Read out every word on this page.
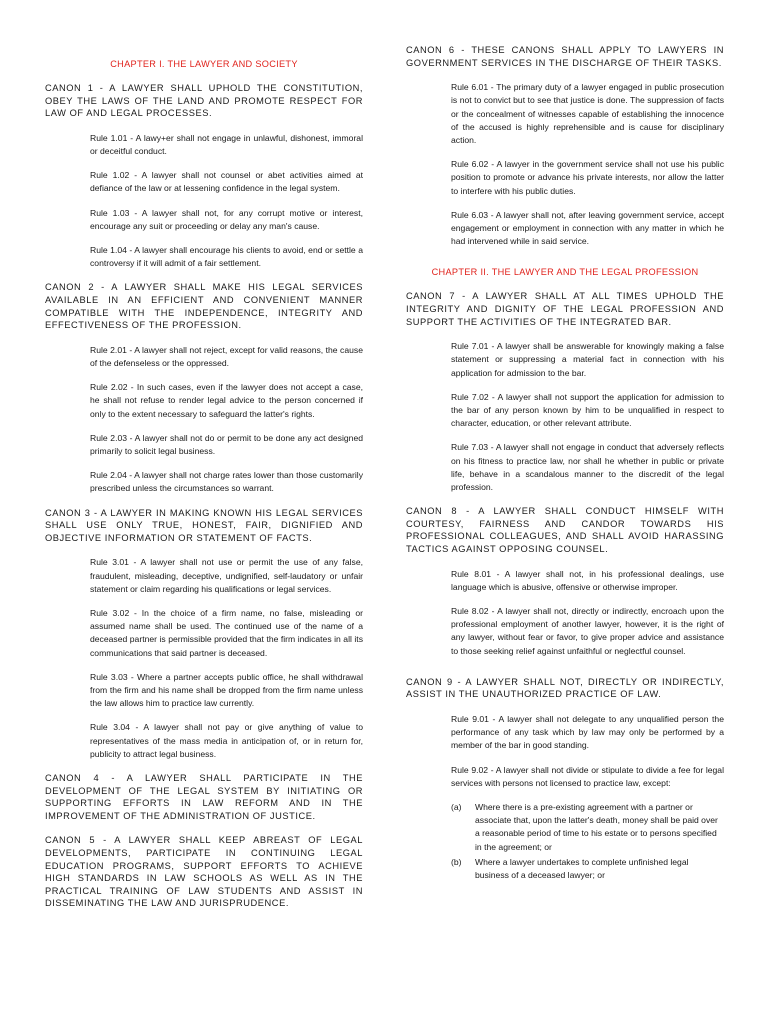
CHAPTER I. THE LAWYER AND SOCIETY

CANON 1 - A LAWYER SHALL UPHOLD THE CONSTITUTION, OBEY THE LAWS OF THE LAND AND PROMOTE RESPECT FOR LAW OF AND LEGAL PROCESSES.

Rule 1.01 - A lawy+er shall not engage in unlawful, dishonest, immoral or deceitful conduct.

Rule 1.02 - A lawyer shall not counsel or abet activities aimed at defiance of the law or at lessening confidence in the legal system.

Rule 1.03 - A lawyer shall not, for any corrupt motive or interest, encourage any suit or proceeding or delay any man's cause.

Rule 1.04 - A lawyer shall encourage his clients to avoid, end or settle a controversy if it will admit of a fair settlement.

CANON 2 - A LAWYER SHALL MAKE HIS LEGAL SERVICES AVAILABLE IN AN EFFICIENT AND CONVENIENT MANNER COMPATIBLE WITH THE INDEPENDENCE, INTEGRITY AND EFFECTIVENESS OF THE PROFESSION.

Rule 2.01 - A lawyer shall not reject, except for valid reasons, the cause of the defenseless or the oppressed.

Rule 2.02 - In such cases, even if the lawyer does not accept a case, he shall not refuse to render legal advice to the person concerned if only to the extent necessary to safeguard the latter's rights.

Rule 2.03 - A lawyer shall not do or permit to be done any act designed primarily to solicit legal business.

Rule 2.04 - A lawyer shall not charge rates lower than those customarily prescribed unless the circumstances so warrant.

CANON 3 - A LAWYER IN MAKING KNOWN HIS LEGAL SERVICES SHALL USE ONLY TRUE, HONEST, FAIR, DIGNIFIED AND OBJECTIVE INFORMATION OR STATEMENT OF FACTS.

Rule 3.01 - A lawyer shall not use or permit the use of any false, fraudulent, misleading, deceptive, undignified, self-laudatory or unfair statement or claim regarding his qualifications or legal services.

Rule 3.02 - In the choice of a firm name, no false, misleading or assumed name shall be used. The continued use of the name of a deceased partner is permissible provided that the firm indicates in all its communications that said partner is deceased.

Rule 3.03 - Where a partner accepts public office, he shall withdrawal from the firm and his name shall be dropped from the firm name unless the law allows him to practice law currently.

Rule 3.04 - A lawyer shall not pay or give anything of value to representatives of the mass media in anticipation of, or in return for, publicity to attract legal business.

CANON 4 - A LAWYER SHALL PARTICIPATE IN THE DEVELOPMENT OF THE LEGAL SYSTEM BY INITIATING OR SUPPORTING EFFORTS IN LAW REFORM AND IN THE IMPROVEMENT OF THE ADMINISTRATION OF JUSTICE.

CANON 5 - A LAWYER SHALL KEEP ABREAST OF LEGAL DEVELOPMENTS, PARTICIPATE IN CONTINUING LEGAL EDUCATION PROGRAMS, SUPPORT EFFORTS TO ACHIEVE HIGH STANDARDS IN LAW SCHOOLS AS WELL AS IN THE PRACTICAL TRAINING OF LAW STUDENTS AND ASSIST IN DISSEMINATING THE LAW AND JURISPRUDENCE.

CANON 6 - THESE CANONS SHALL APPLY TO LAWYERS IN GOVERNMENT SERVICES IN THE DISCHARGE OF THEIR TASKS.

Rule 6.01 - The primary duty of a lawyer engaged in public prosecution is not to convict but to see that justice is done. The suppression of facts or the concealment of witnesses capable of establishing the innocence of the accused is highly reprehensible and is cause for disciplinary action.

Rule 6.02 - A lawyer in the government service shall not use his public position to promote or advance his private interests, nor allow the latter to interfere with his public duties.

Rule 6.03 - A lawyer shall not, after leaving government service, accept engagement or employment in connection with any matter in which he had intervened while in said service.

CHAPTER II. THE LAWYER AND THE LEGAL PROFESSION

CANON 7 - A LAWYER SHALL AT ALL TIMES UPHOLD THE INTEGRITY AND DIGNITY OF THE LEGAL PROFESSION AND SUPPORT THE ACTIVITIES OF THE INTEGRATED BAR.

Rule 7.01 - A lawyer shall be answerable for knowingly making a false statement or suppressing a material fact in connection with his application for admission to the bar.

Rule 7.02 - A lawyer shall not support the application for admission to the bar of any person known by him to be unqualified in respect to character, education, or other relevant attribute.

Rule 7.03 - A lawyer shall not engage in conduct that adversely reflects on his fitness to practice law, nor shall he whether in public or private life, behave in a scandalous manner to the discredit of the legal profession.

CANON 8 - A LAWYER SHALL CONDUCT HIMSELF WITH COURTESY, FAIRNESS AND CANDOR TOWARDS HIS PROFESSIONAL COLLEAGUES, AND SHALL AVOID HARASSING TACTICS AGAINST OPPOSING COUNSEL.

Rule 8.01 - A lawyer shall not, in his professional dealings, use language which is abusive, offensive or otherwise improper.

Rule 8.02 - A lawyer shall not, directly or indirectly, encroach upon the professional employment of another lawyer, however, it is the right of any lawyer, without fear or favor, to give proper advice and assistance to those seeking relief against unfaithful or neglectful counsel.

CANON 9 - A LAWYER SHALL NOT, DIRECTLY OR INDIRECTLY, ASSIST IN THE UNAUTHORIZED PRACTICE OF LAW.

Rule 9.01 - A lawyer shall not delegate to any unqualified person the performance of any task which by law may only be performed by a member of the bar in good standing.

Rule 9.02 - A lawyer shall not divide or stipulate to divide a fee for legal services with persons not licensed to practice law, except:

(a)	Where there is a pre-existing agreement with a partner or associate that, upon the latter's death, money shall be paid over a reasonable period of time to his estate or to persons specified in the agreement; or
(b)	Where a lawyer undertakes to complete unfinished legal business of a deceased lawyer; or
